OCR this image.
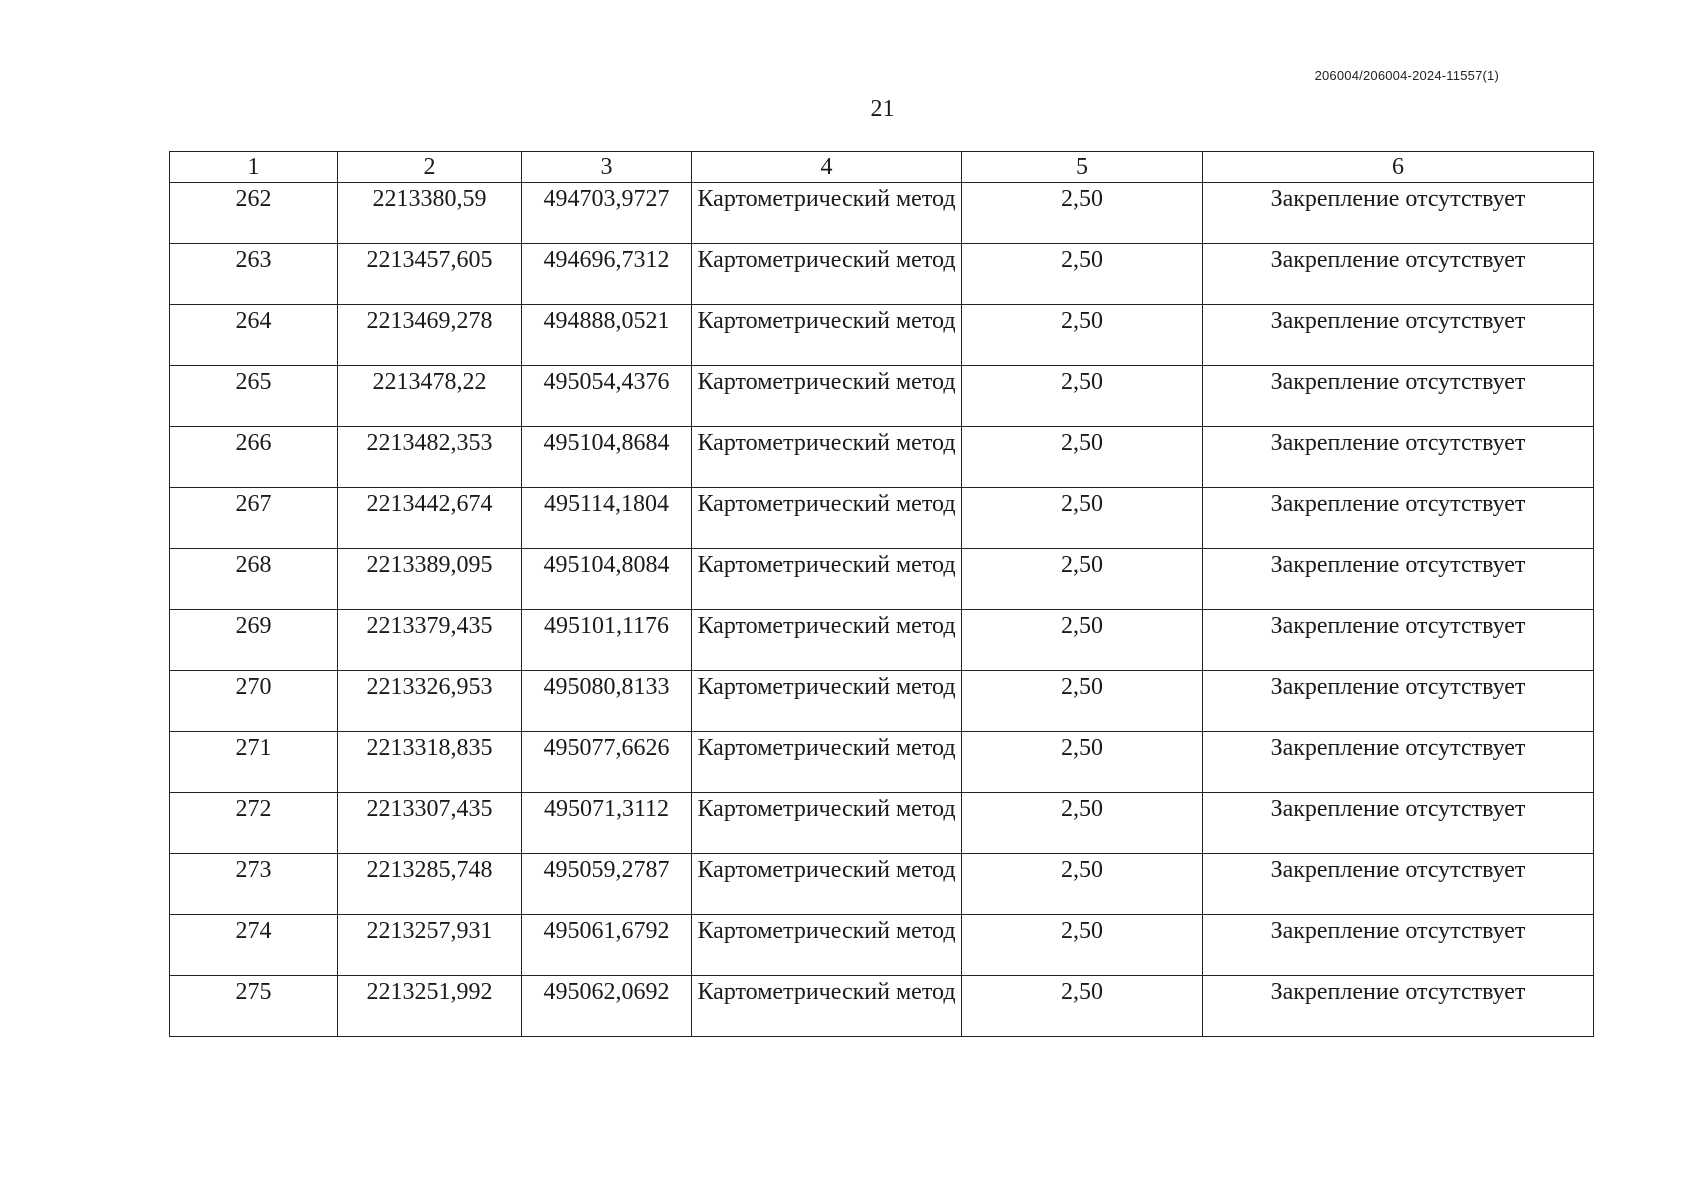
206004/206004-2024-11557(1)
21
1	2	3	4	5	6
262	2213380,59	494703,9727	Картометрический метод	2,50	Закрепление отсутствует
263	2213457,605	494696,7312	Картометрический метод	2,50	Закрепление отсутствует
264	2213469,278	494888,0521	Картометрический метод	2,50	Закрепление отсутствует
265	2213478,22	495054,4376	Картометрический метод	2,50	Закрепление отсутствует
266	2213482,353	495104,8684	Картометрический метод	2,50	Закрепление отсутствует
267	2213442,674	495114,1804	Картометрический метод	2,50	Закрепление отсутствует
268	2213389,095	495104,8084	Картометрический метод	2,50	Закрепление отсутствует
269	2213379,435	495101,1176	Картометрический метод	2,50	Закрепление отсутствует
270	2213326,953	495080,8133	Картометрический метод	2,50	Закрепление отсутствует
271	2213318,835	495077,6626	Картометрический метод	2,50	Закрепление отсутствует
272	2213307,435	495071,3112	Картометрический метод	2,50	Закрепление отсутствует
273	2213285,748	495059,2787	Картометрический метод	2,50	Закрепление отсутствует
274	2213257,931	495061,6792	Картометрический метод	2,50	Закрепление отсутствует
275	2213251,992	495062,0692	Картометрический метод	2,50	Закрепление отсутствует
